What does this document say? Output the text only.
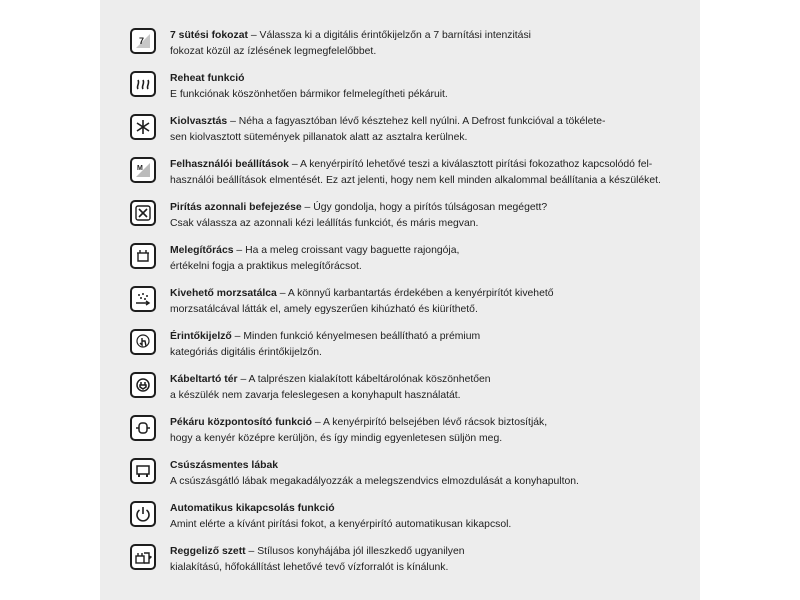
7 7 sütési fokozat – Válassza ki a digitális érintőkijelzőn a 7 barnítási intenzitási
fokozat közül az ízlésének legmegfelelőbbet.
Reheat funkció
E funkciónak köszönhetően bármikor felmelegítheti pékáruit.
Kiolvasztás – Néha a fagyasztóban lévő késztehez kell nyúlni. A Defrost funkcióval a tökélete-
sen kiolvasztott sütemények pillanatok alatt az asztalra kerülnek.
M	Felhasználói beállítások – A kenyérpirító lehetővé teszi a kiválasztott pirítási fokozathoz kapcsolódó fel-
használói beállítások elmentését. Ez azt jelenti, hogy nem kell minden alkalommal beállítania a készüléket.
Pirítás azonnali befejezése – Úgy gondolja, hogy a pirítós túlságosan megégett?
Csak válassza az azonnali kézi leállítás funkciót, és máris megvan.
Melegítőrács – Ha a meleg croissant vagy baguette rajongója,
értékelni fogja a praktikus melegítőrácsot.
Kivehető morzsatálca – A könnyű karbantartás érdekében a kenyérpirítót kivehető
morzsatálcával látták el, amely egyszerűen kihúzható és kiüríthető.
Érintőkijelző – Minden funkció kényelmesen beállítható a prémium
kategóriás digitális érintőkijelzőn.
Kábeltartó tér – A talprészen kialakított kábeltárolónak köszönhetően
a készülék nem zavarja feleslegesen a konyhapult használatát.
Pékáru központosító funkció – A kenyérpirító belsejében lévő rácsok biztosítják,
hogy a kenyér középre kerüljön, és így mindig egyenletesen süljön meg.
Csúszásmentes lábak
A csúszásgátló lábak megakadályozzák a melegszendvics elmozdulását a konyhapulton.
Automatikus kikapcsolás funkció
Amint elérte a kívánt pirítási fokot, a kenyérpirító automatikusan kikapcsol.
Reggeliző szett – Stílusos konyhájába jól illeszkedő ugyanilyen
kialakítású, hőfokállítást lehetővé tevő vízforralót is kínálunk.
